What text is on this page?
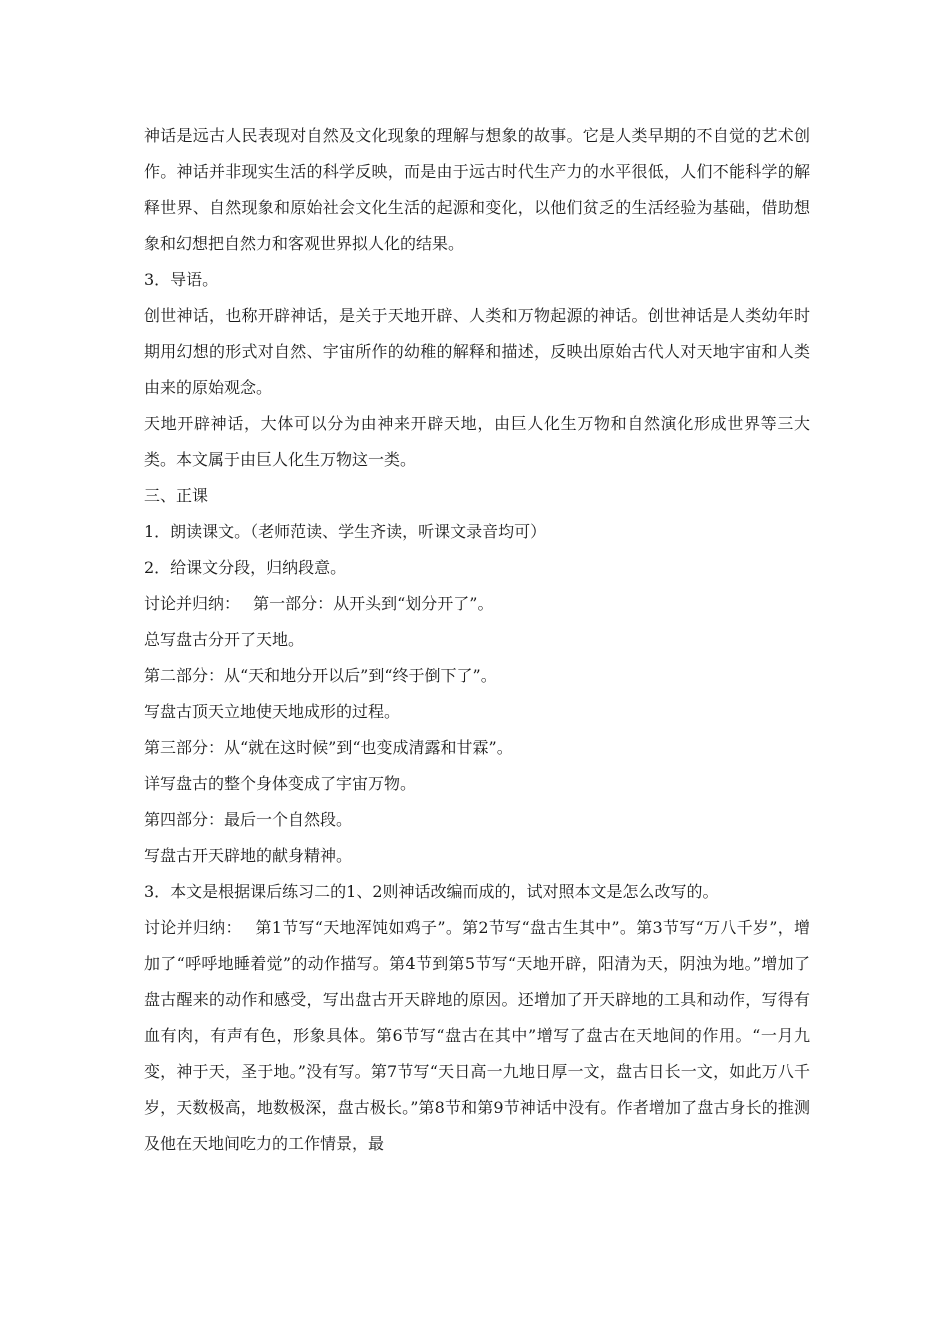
神话是远古人民表现对自然及文化现象的理解与想象的故事。它是人类早期的不自觉的艺术创作。神话并非现实生活的科学反映，而是由于远古时代生产力的水平很低，人们不能科学的解释世界、自然现象和原始社会文化生活的起源和变化，以他们贫乏的生活经验为基础，借助想象和幻想把自然力和客观世界拟人化的结果。

3．导语。

创世神话，也称开辟神话，是关于天地开辟、人类和万物起源的神话。创世神话是人类幼年时期用幻想的形式对自然、宇宙所作的幼稚的解释和描述，反映出原始古代人对天地宇宙和人类由来的原始观念。

天地开辟神话，大体可以分为由神来开辟天地，由巨人化生万物和自然演化形成世界等三大类。本文属于由巨人化生万物这一类。

三、正课

1．朗读课文。（老师范读、学生齐读，听课文录音均可）

2．给课文分段，归纳段意。

讨论并归纳：　 第一部分：从开头到“划分开了”。

总写盘古分开了天地。

第二部分：从“天和地分开以后”到“终于倒下了”。

写盘古顶天立地使天地成形的过程。

第三部分：从“就在这时候”到“也变成清露和甘霖”。

详写盘古的整个身体变成了宇宙万物。

第四部分：最后一个自然段。

写盘古开天辟地的献身精神。

3．本文是根据课后练习二的1、2则神话改编而成的，试对照本文是怎么改写的。

讨论并归纳：　 第1节写“天地浑饨如鸡子”。第2节写“盘古生其中”。第3节写“万八千岁”，增加了“呼呼地睡着觉”的动作描写。第4节到第5节写“天地开辟，阳清为天，阴浊为地。”增加了盘古醒来的动作和感受，写出盘古开天辟地的原因。还增加了开天辟地的工具和动作，写得有血有肉，有声有色，形象具体。第6节写“盘古在其中”增写了盘古在天地间的作用。“一月九变，神于天，圣于地。”没有写。第7节写“天日高一九地日厚一文，盘古日长一文，如此万八千岁，天数极高，地数极深，盘古极长。”第8节和第9节神话中没有。作者增加了盘古身长的推测及他在天地间吃力的工作情景，最
